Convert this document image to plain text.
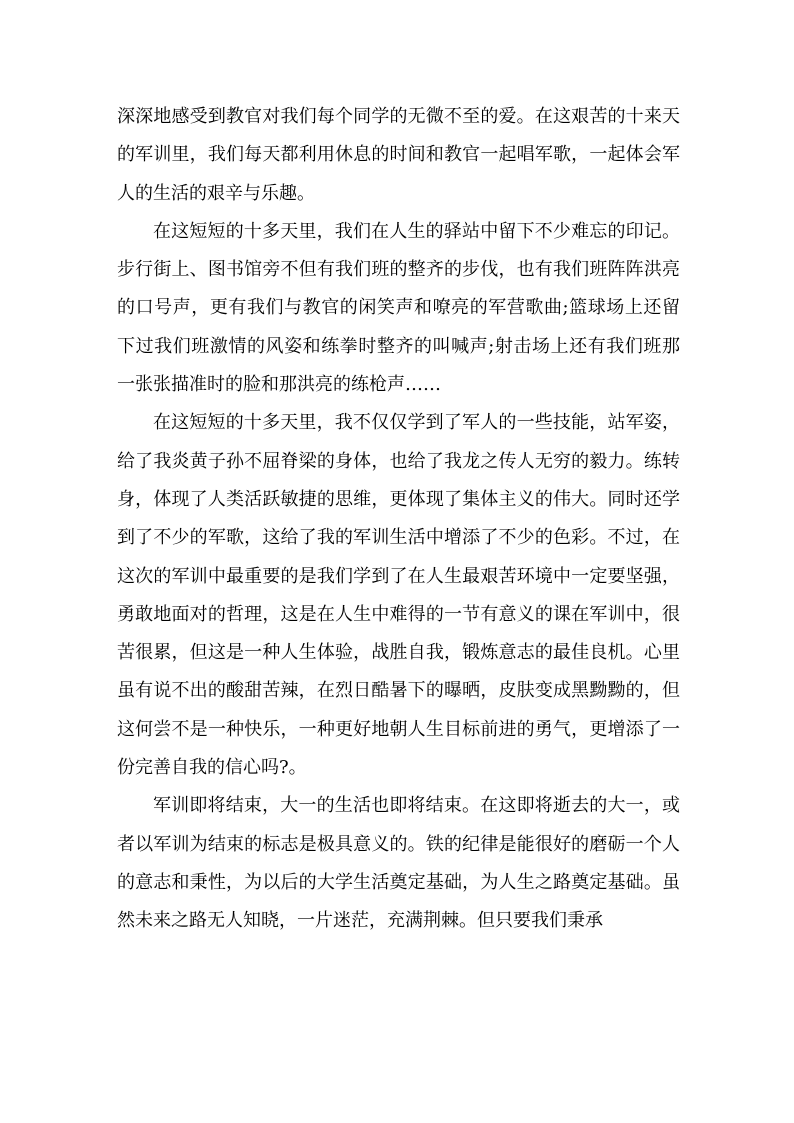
深深地感受到教官对我们每个同学的无微不至的爱。在这艰苦的十来天的军训里，我们每天都利用休息的时间和教官一起唱军歌，一起体会军人的生活的艰辛与乐趣。

在这短短的十多天里，我们在人生的驿站中留下不少难忘的印记。步行街上、图书馆旁不但有我们班的整齐的步伐，也有我们班阵阵洪亮的口号声，更有我们与教官的闲笑声和嘹亮的军营歌曲;篮球场上还留下过我们班激情的风姿和练拳时整齐的叫喊声;射击场上还有我们班那一张张描准时的脸和那洪亮的练枪声……

在这短短的十多天里，我不仅仅学到了军人的一些技能，站军姿，给了我炎黄子孙不屈脊梁的身体，也给了我龙之传人无穷的毅力。练转身，体现了人类活跃敏捷的思维，更体现了集体主义的伟大。同时还学到了不少的军歌，这给了我的军训生活中增添了不少的色彩。不过，在这次的军训中最重要的是我们学到了在人生最艰苦环境中一定要坚强，勇敢地面对的哲理，这是在人生中难得的一节有意义的课在军训中，很苦很累，但这是一种人生体验，战胜自我，锻炼意志的最佳良机。心里虽有说不出的酸甜苦辣，在烈日酷暑下的曝晒，皮肤变成黑黝黝的，但这何尝不是一种快乐，一种更好地朝人生目标前进的勇气，更增添了一份完善自我的信心吗?。

军训即将结束，大一的生活也即将结束。在这即将逝去的大一，或者以军训为结束的标志是极具意义的。铁的纪律是能很好的磨砺一个人的意志和秉性，为以后的大学生活奠定基础，为人生之路奠定基础。虽然未来之路无人知晓，一片迷茫，充满荆棘。但只要我们秉承
